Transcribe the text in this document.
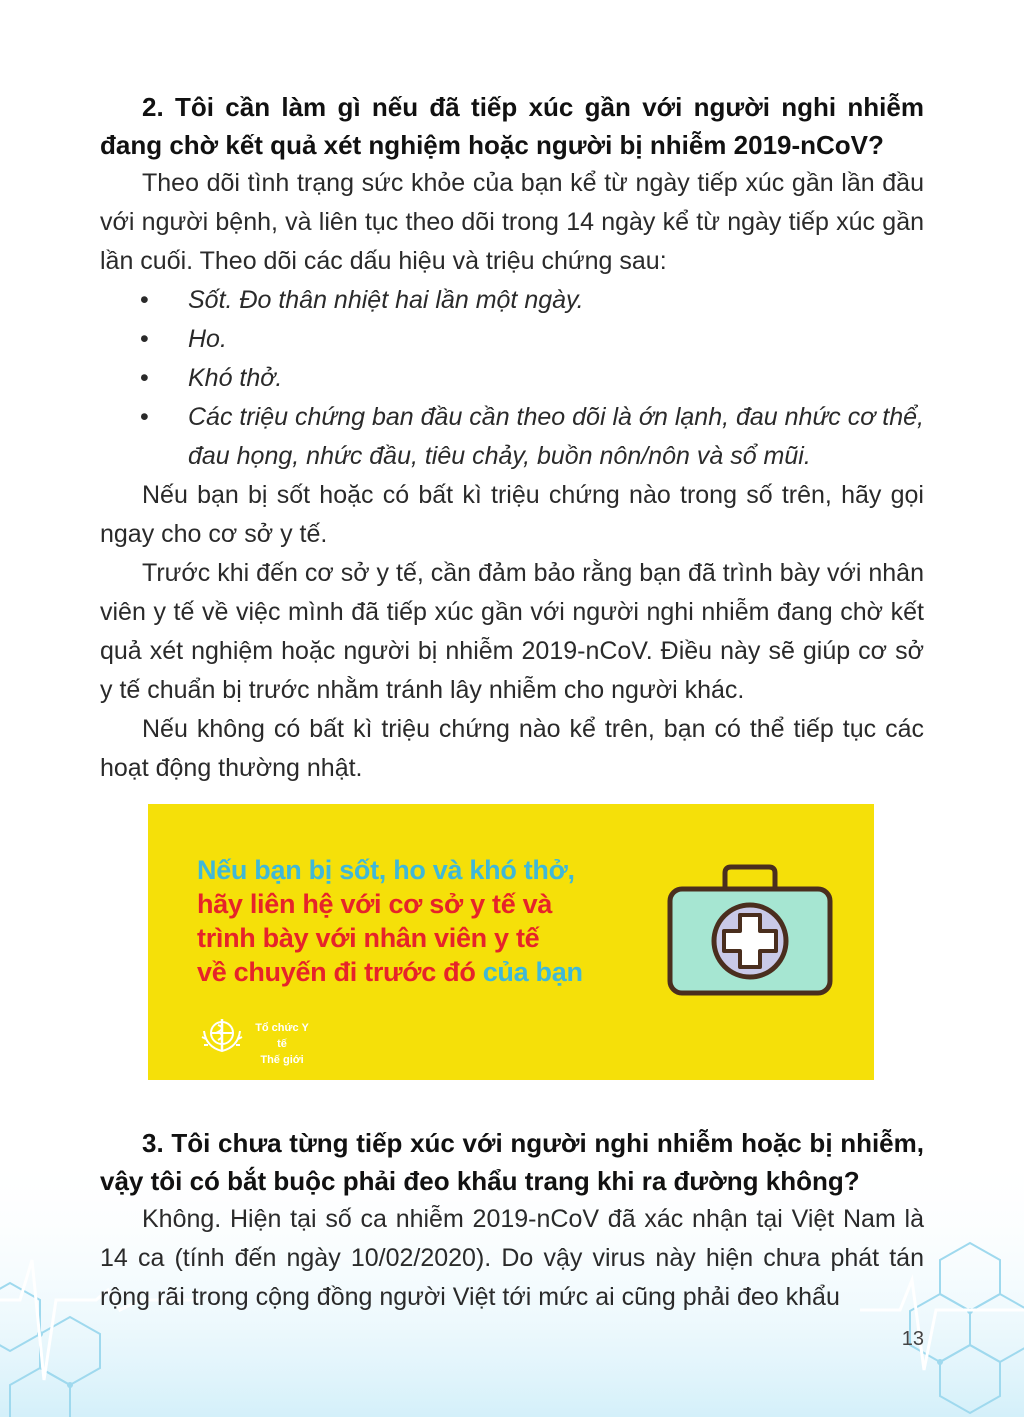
2. Tôi cần làm gì nếu đã tiếp xúc gần với người nghi nhiễm đang chờ kết quả xét nghiệm hoặc người bị nhiễm 2019-nCoV?

Theo dõi tình trạng sức khỏe của bạn kể từ ngày tiếp xúc gần lần đầu với người bệnh, và liên tục theo dõi trong 14 ngày kể từ ngày tiếp xúc gần lần cuối. Theo dõi các dấu hiệu và triệu chứng sau:

• Sốt. Đo thân nhiệt hai lần một ngày.
• Ho.
• Khó thở.
• Các triệu chứng ban đầu cần theo dõi là ớn lạnh, đau nhức cơ thể, đau họng, nhức đầu, tiêu chảy, buồn nôn/nôn và sổ mũi.

Nếu bạn bị sốt hoặc có bất kì triệu chứng nào trong số trên, hãy gọi ngay cho cơ sở y tế.

Trước khi đến cơ sở y tế, cần đảm bảo rằng bạn đã trình bày với nhân viên y tế về việc mình đã tiếp xúc gần với người nghi nhiễm đang chờ kết quả xét nghiệm hoặc người bị nhiễm 2019-nCoV. Điều này sẽ giúp cơ sở y tế chuẩn bị trước nhằm tránh lây nhiễm cho người khác.

Nếu không có bất kì triệu chứng nào kể trên, bạn có thể tiếp tục các hoạt động thường nhật.

Nếu bạn bị sốt, ho và khó thở,
hãy liên hệ với cơ sở y tế và
trình bày với nhân viên y tế
về chuyến đi trước đó của bạn
Tổ chức Y tế
Thế giới
3. Tôi chưa từng tiếp xúc với người nghi nhiễm hoặc bị nhiễm, vậy tôi có bắt buộc phải đeo khẩu trang khi ra đường không?

Không. Hiện tại số ca nhiễm 2019-nCoV đã xác nhận tại Việt Nam là 14 ca (tính đến ngày 10/02/2020). Do vậy virus này hiện chưa phát tán rộng rãi trong cộng đồng người Việt tới mức ai cũng phải đeo khẩu

13
